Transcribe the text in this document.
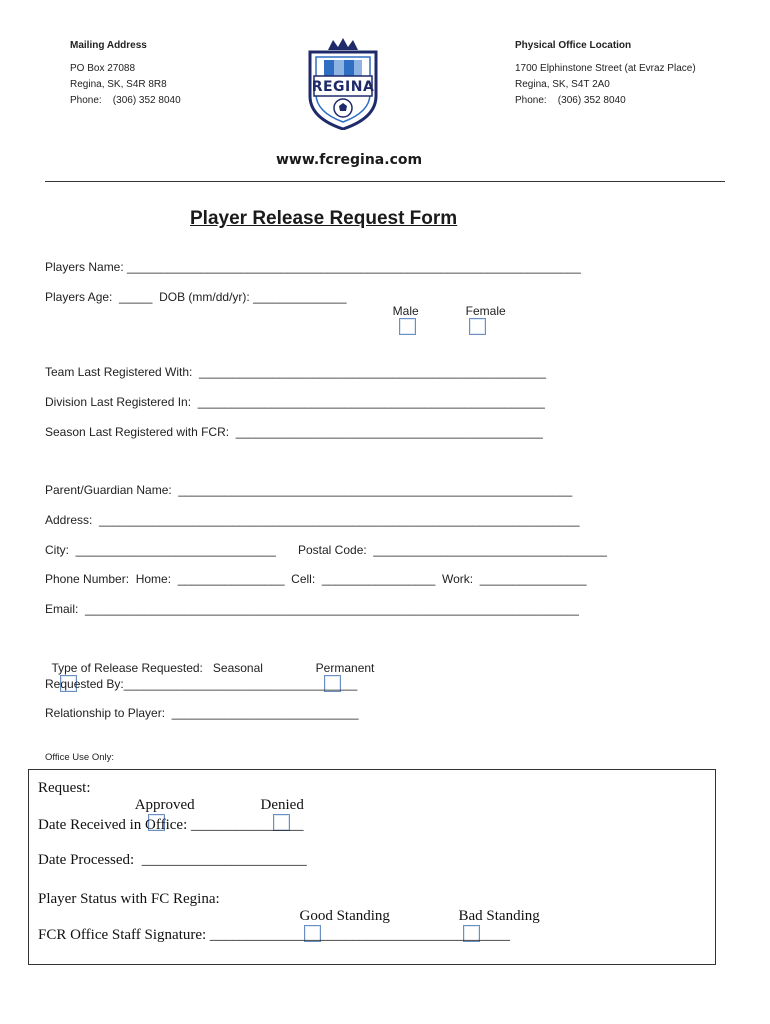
Mailing Address
PO Box 27088
Regina, SK, S4R 8R8
Phone:    (306) 352 8040
Physical Office Location
1700 Elphinstone Street (at Evraz Place)
Regina, SK, S4T 2A0
Phone:    (306) 352 8040
REGINA
www.fcregina.com
Player Release Request Form
Players Name: ____________________________________________________________________
Players Age:  _____  DOB (mm/dd/yr): ______________

Male
	Female

Team Last Registered With:  ____________________________________________________
Division Last Registered In:  ____________________________________________________
Season Last Registered with FCR:  ______________________________________________
Parent/Guardian Name:  ___________________________________________________________
Address:  ________________________________________________________________________
City:  ______________________________ Postal Code:  ___________________________________
Phone Number:  Home:  ________________  Cell:  _________________  Work:  ________________
Email:  __________________________________________________________________________

Type of Release Requested:   Seasonal
	Permanent

Requested By:___________________________________
Relationship to Player:  ____________________________
Office Use Only:
Request:

Approved
	Denied

Date Received in Office: _______________
Date Processed:  ______________________
Player Status with FC Regina:

Good Standing
	Bad Standing

FCR Office Staff Signature: ________________________________________
